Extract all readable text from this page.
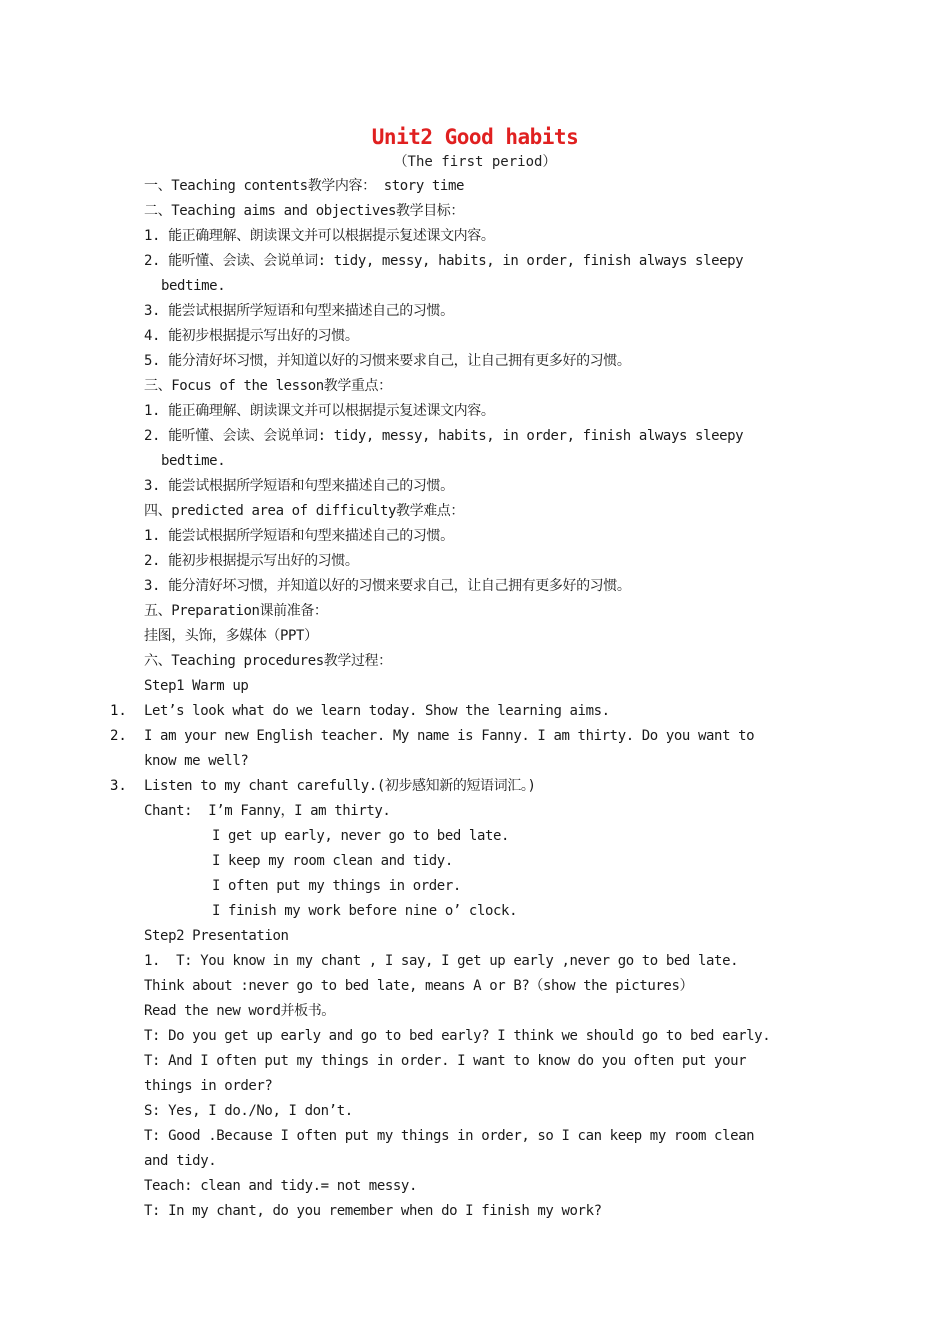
Unit2 Good habits
（The first period）
一、Teaching contents教学内容： story time
二、Teaching aims and objectives教学目标：
1. 能正确理解、朗读课文并可以根据提示复述课文内容。
2. 能听懂、会读、会说单词: tidy, messy, habits, in order, finish always sleepy
bedtime.
3. 能尝试根据所学短语和句型来描述自己的习惯。
4. 能初步根据提示写出好的习惯。
5. 能分清好坏习惯，并知道以好的习惯来要求自己，让自己拥有更多好的习惯。
三、Focus of the lesson教学重点：
1. 能正确理解、朗读课文并可以根据提示复述课文内容。
2. 能听懂、会读、会说单词: tidy, messy, habits, in order, finish always sleepy
bedtime.
3. 能尝试根据所学短语和句型来描述自己的习惯。
四、predicted area of difficulty教学难点：
1. 能尝试根据所学短语和句型来描述自己的习惯。
2. 能初步根据提示写出好的习惯。
3. 能分清好坏习惯，并知道以好的习惯来要求自己，让自己拥有更多好的习惯。
五、Preparation课前准备：
挂图，头饰，多媒体（PPT）
六、Teaching procedures教学过程：
Step1 Warm up
1. Let’s look what do we learn today. Show the learning aims.
2. I am your new English teacher. My name is Fanny. I am thirty. Do you want to
know me well?
3. Listen to my chant carefully.(初步感知新的短语词汇。)
Chant:  I’m Fanny，I am thirty.
I get up early, never go to bed late.
I keep my room clean and tidy.
I often put my things in order.
I finish my work before nine o’ clock.
Step2 Presentation
1.  T: You know in my chant , I say, I get up early ,never go to bed late.
Think about :never go to bed late, means A or B?（show the pictures）
Read the new word并板书。
T: Do you get up early and go to bed early? I think we should go to bed early.
T: And I often put my things in order. I want to know do you often put your
things in order?
S: Yes, I do./No, I don’t.
T: Good .Because I often put my things in order, so I can keep my room clean
and tidy.
Teach: clean and tidy.= not messy.
T: In my chant, do you remember when do I finish my work?
